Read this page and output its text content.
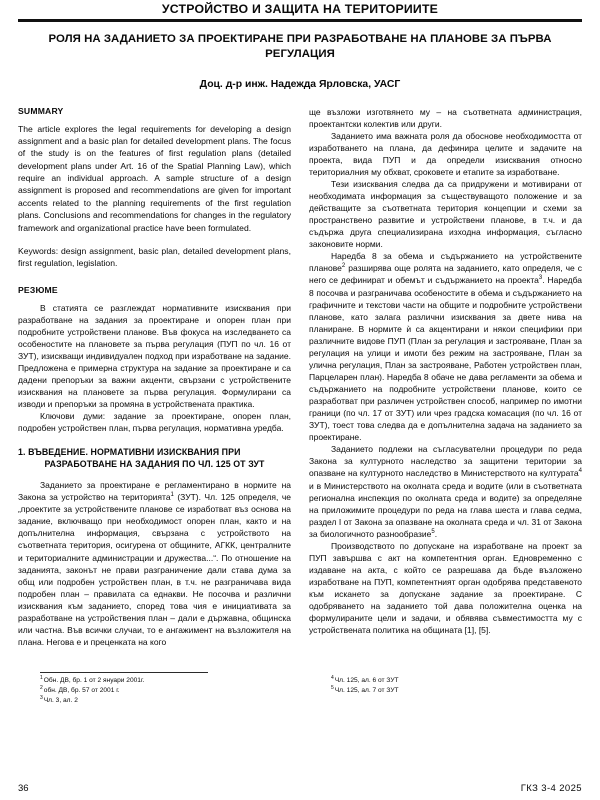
УСТРОЙСТВО И ЗАЩИТА НА ТЕРИТОРИИТЕ
РОЛЯ НА ЗАДАНИЕТО ЗА ПРОЕКТИРАНЕ ПРИ РАЗРАБОТВАНЕ НА ПЛАНОВЕ ЗА ПЪРВА РЕГУЛАЦИЯ
Доц. д-р инж. Надежда Ярловска, УАСГ
SUMMARY

The article explores the legal requirements for developing a design assignment and a basic plan for detailed development plans. The focus of the study is on the features of first regulation plans (detailed development plans under Art. 16 of the Spatial Planning Law), which require an individual approach. A sample structure of a design assignment is proposed and recommendations are given for important accents related to the planning requirements of the first regulation plans. Conclusions and recommendations for changes in the regulatory framework and organizational practice have been formulated.

Keywords: design assignment, basic plan, detailed development plans, first regulation, legislation.

РЕЗЮМЕ

В статията се разглеждат нормативните изисквания при разработване на задания за проектиране и опорен план при подробните устройствени планове. Във фокуса на изследването са особеностите на плановете за първа регулация (ПУП по чл. 16 от ЗУТ), изискващи индивидуален подход при изработване на задание. Предложена е примерна структура на задание за проектиране и са дадени препоръки за важни акценти, свързани с устройствените изисквания на плановете за първа регулация. Формулирани са изводи и препоръки за промяна в устройствената практика.

Ключови думи: задание за проектиране, опорен план, подробен устройствен план, първа регулация, нормативна уредба.

1. ВЪВЕДЕНИЕ. НОРМАТИВНИ ИЗИСКВАНИЯ ПРИ
РАЗРАБОТВАНЕ НА ЗАДАНИЯ ПО ЧЛ. 125 ОТ ЗУТ

Заданието за проектиране е регламентирано в нормите на Закона за устройство на територията$^1$ (ЗУТ). Чл. 125 определя, че „проектите за устройствените планове се изработват въз основа на задание, включващо при необходимост опорен план, както и на допълнителна информация, свързана с устройството на съответната територия, осигурена от общините, АГКК, централните и териториалните администрации и дружества...“. По отношение на заданията, законът не прави разграничение дали става дума за общ или подробен устройствен план, в т.ч. не разграничава вида подробен план – правилата са еднакви. Не посочва и различни изисквания към заданието, според това чия е инициативата за разработване на устройствения план – дали е държавна, общинска или частна. Във всички случаи, то е ангажимент на възложителя на плана. Негова е и преценката на кого

$^1$Обн. ДВ, бр. 1 от 2 януари 2001г.
$^2$обн. ДВ, бр. 57 от 2001 г.
$^3$Чл. 3, ал. 2

ще възложи изготвянето му – на съответната администрация, проектантски колектив или други.

Заданието има важната роля да обоснове необходимостта от изработването на плана, да дефинира целите и задачите на проекта, вида ПУП и да определи изисквания относно териториалния му обхват, сроковете и етапите за изработване.

Тези изисквания следва да са придружени и мотивирани от необходимата информация за съществуващото положение и за действащите за съответната територия концепции и схеми за пространствено развитие и устройствени планове, в т.ч. и да съдържа друга специализирана изходна информация, съгласно законовите норми.

Наредба 8 за обема и съдържанието на устройствените планове$^2$ разширява още ролята на заданието, като определя, че с него се дефинират и обемът и съдържанието на проекта$^3$. Наредба 8 посочва и разграничава особеностите в обема и съдържанието на графичните и текстови части на общите и подробните устройствени планове, като залага различни изисквания за двете нива на планиране. В нормите ѝ са акцентирани и някои специфики при различните видове ПУП (План за регулация и застрояване, План за регулация на улици и имоти без режим на застрояване, План за улична регулация, План за застрояване, Работен устройствен план, Парцеларен план). Наредба 8 обаче не дава регламенти за обема и съдържанието на подробните устройствени планове, които се разработват при различен устройствен способ, например по имотни граници (по чл. 17 от ЗУТ) или чрез градска комасация (по чл. 16 от ЗУТ), тоест това следва да е допълнителна задача на заданието за проектиране.

Заданието подлежи на съгласувателни процедури по реда Закона за културното наследство за защитени територии за опазване на културното наследство в Министерството на културата$^4$ и в Министерството на околната среда и водите (или в съответната регионална инспекция по околната среда и водите) за определяне на приложимите процедури по реда на глава шеста и глава седма, раздел I от Закона за опазване на околната среда и чл. 31 от Закона за биологичното разнообразие$^5$.

Производството по допускане на изработване на проект за ПУП завършва с акт на компетентния орган. Едновременно с издаване на акта, с който се разрешава да бъде възложено изработване на ПУП, компетентният орган одобрява представеното към искането за допускане задание за проектиране. С одобряването на заданието той дава положителна оценка на формулираните цели и задачи, и обявява съвместимостта му с устройствената политика на общината [1], [5].

$^4$Чл. 125, ал. 6 от ЗУТ
$^5$Чл. 125, ал. 7 от ЗУТ
36	ГКЗ 3-4 2025
